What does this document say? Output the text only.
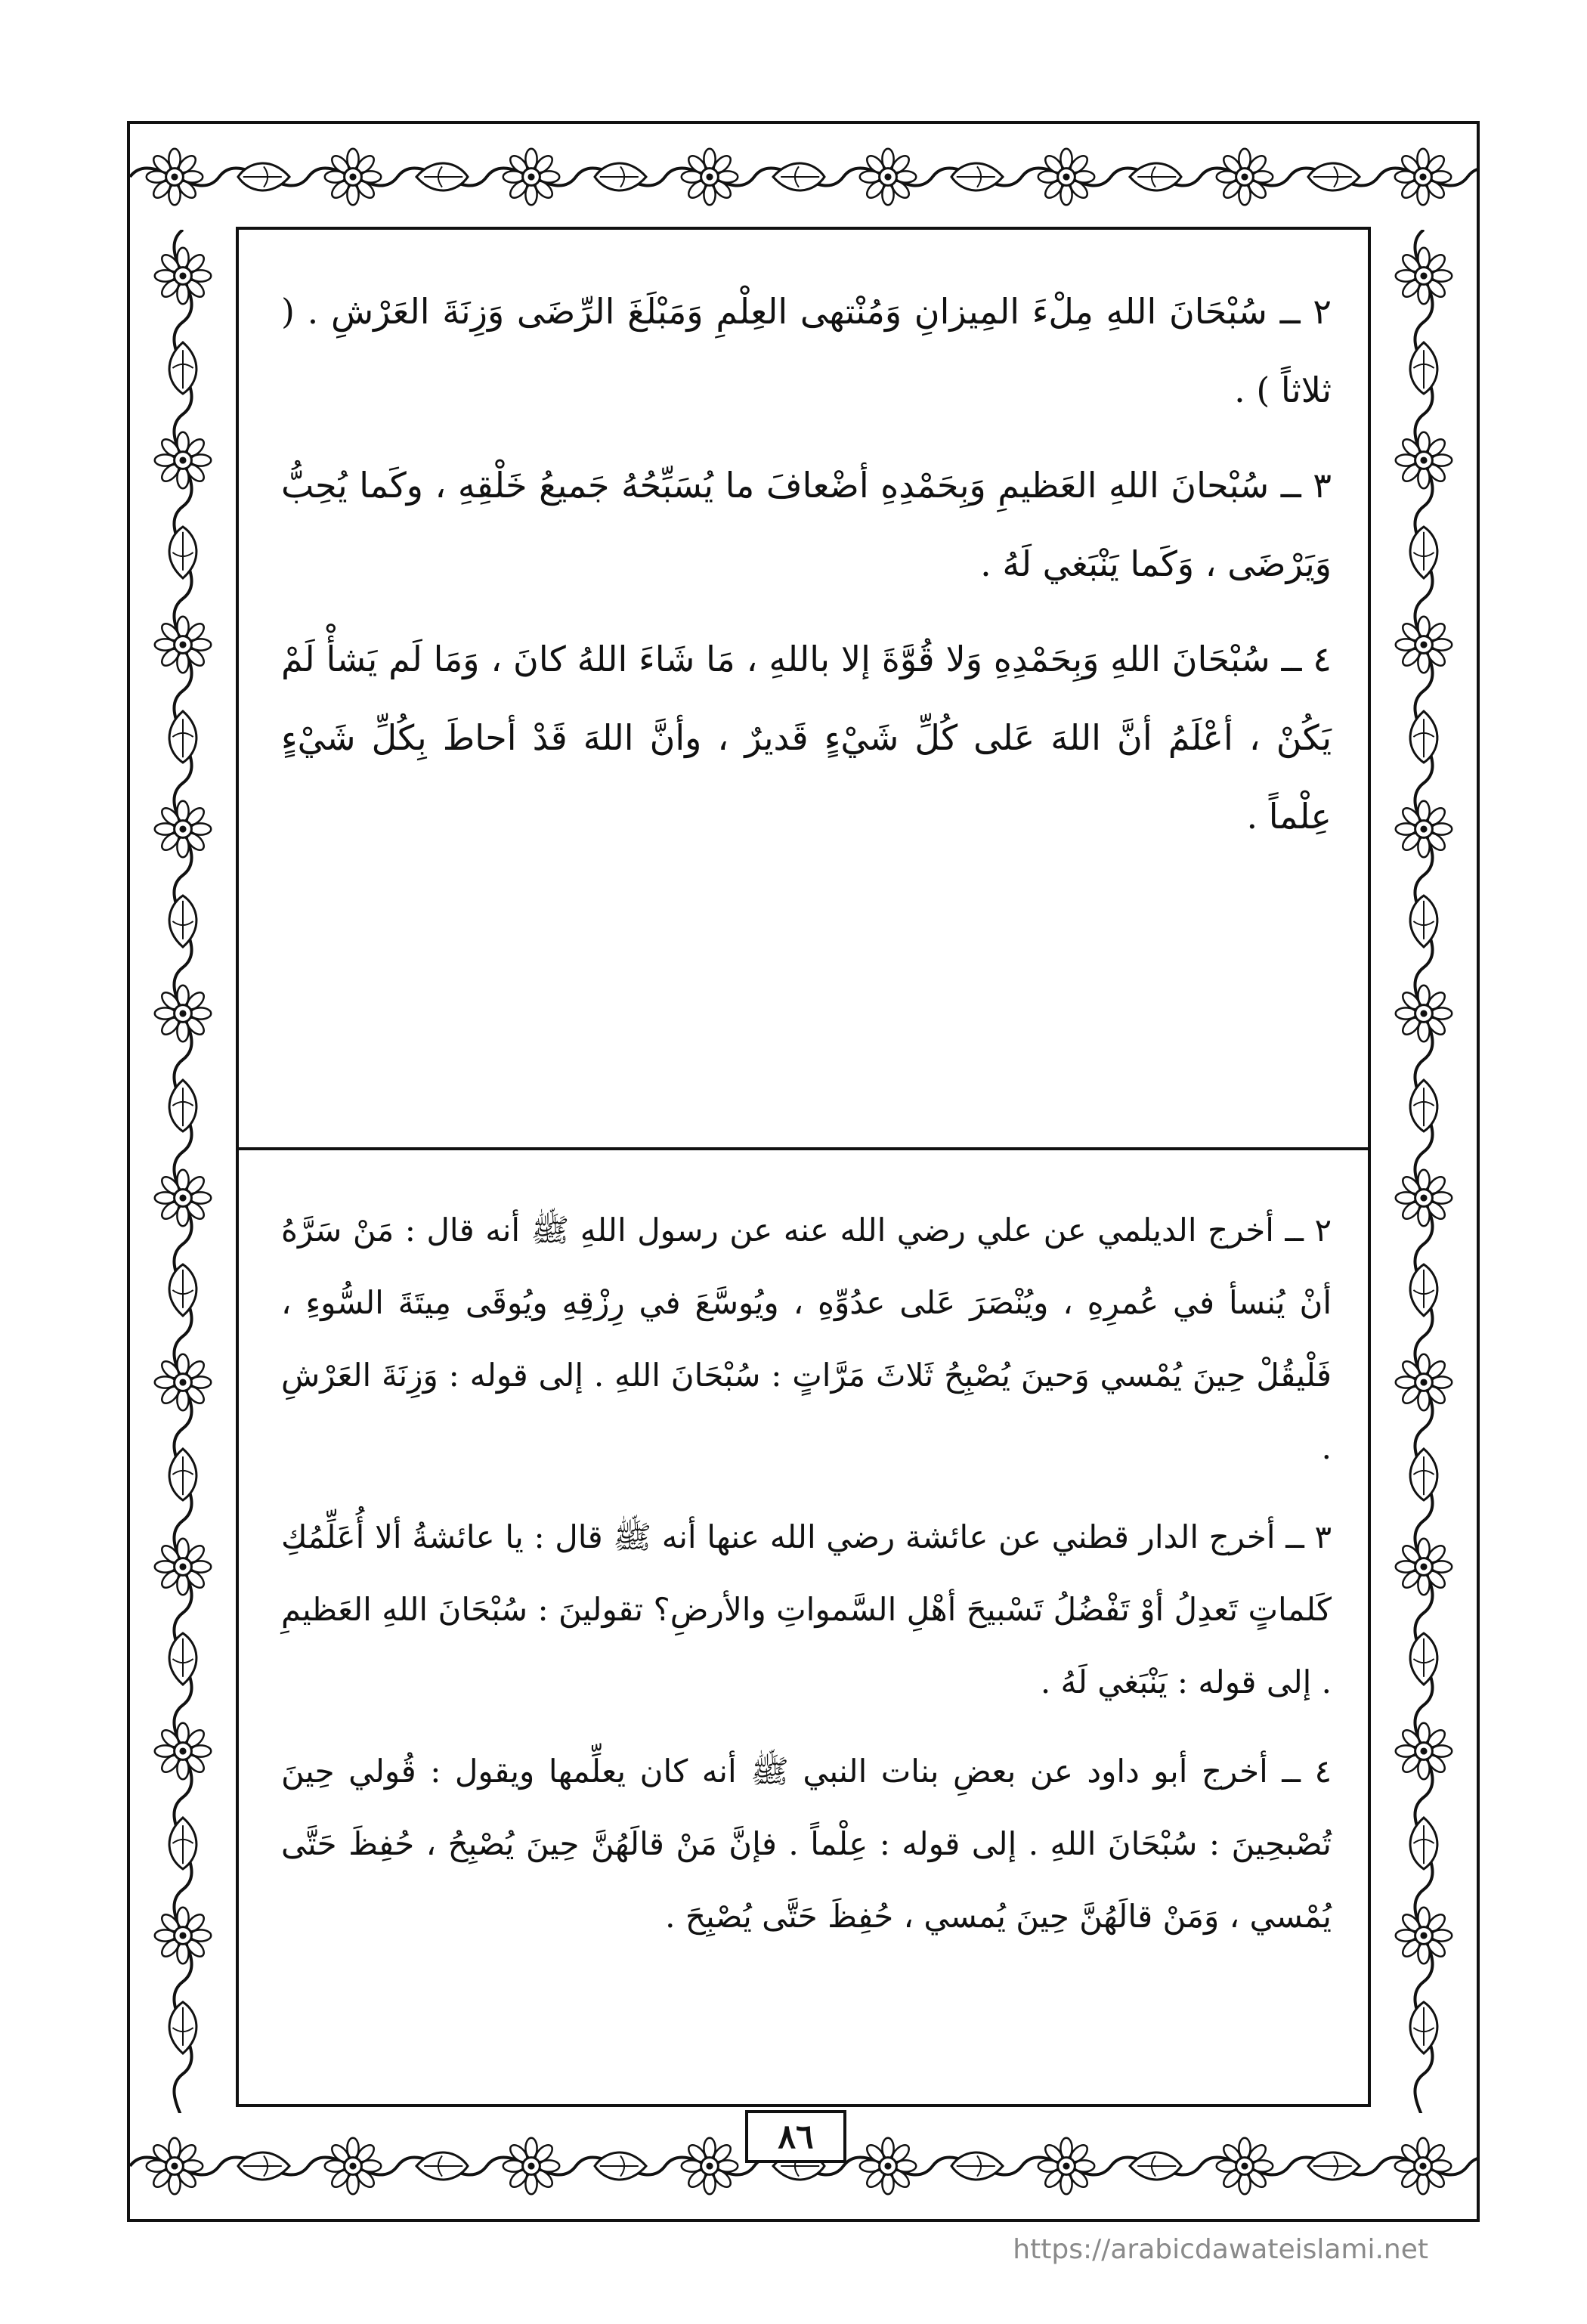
٢ ــ سُبْحَانَ اللهِ مِلْءَ المِيزانِ وَمُنْتهى العِلْمِ وَمَبْلَغَ الرِّضَى وَزِنَةَ العَرْشِ . ( ثلاثاً ) .

٣ ــ سُبْحانَ اللهِ العَظيمِ وَبِحَمْدِهِ أضْعافَ ما يُسَبِّحُهُ جَميعُ خَلْقِهِ ، وكَما يُحِبُّ وَيَرْضَى ، وَكَما يَنْبَغي لَهُ .

٤ ــ سُبْحَانَ اللهِ وَبِحَمْدِهِ وَلا قُوَّةَ إلا باللهِ ، مَا شَاءَ اللهُ كانَ ، وَمَا لَم يَشأْ لَمْ يَكُنْ ، أعْلَمُ أنَّ اللهَ عَلى كُلِّ شَيْءٍ قَديرٌ ، وأنَّ اللهَ قَدْ أحاطَ بِكُلِّ شَيْءٍ عِلْماً .

٢ ــ أخرج الديلمي عن علي رضي الله عنه عن رسول اللهِ ﷺ أنه قال : مَنْ سَرَّهُ أنْ يُنسأ في عُمرِهِ ، ويُنْصَرَ عَلى عدُوِّهِ ، ويُوسَّعَ في رِزْقِهِ ويُوقَى مِيتَةَ السُّوءِ ، فَلْيقُلْ حِينَ يُمْسي وَحينَ يُصْبِحُ ثَلاثَ مَرَّاتٍ : سُبْحَانَ اللهِ . إلى قوله : وَزِنَةَ العَرْشِ .

٣ ــ أخرج الدار قطني عن عائشة رضي الله عنها أنه ﷺ قال : يا عائشةُ ألا أُعَلِّمُكِ كَلماتٍ تَعدِلُ أوْ تَفْضُلُ تَسْبيحَ أهْلِ السَّمواتِ والأرضِ؟ تقولينَ : سُبْحَانَ اللهِ العَظيمِ . إلى قوله : يَنْبَغي لَهُ .

٤ ــ أخرج أبو داود عن بعضِ بنات النبي ﷺ أنه كان يعلِّمها ويقول : قُولي حِينَ تُصْبحِينَ : سُبْحَانَ اللهِ . إلى قوله : عِلْماً . فإنَّ مَنْ قالَهُنَّ حِينَ يُصْبِحُ ، حُفِظَ حَتَّى يُمْسي ، وَمَنْ قالَهُنَّ حِينَ يُمسي ، حُفِظَ حَتَّى يُصْبِحَ .

٨٦
https://arabicdawateislami.net
